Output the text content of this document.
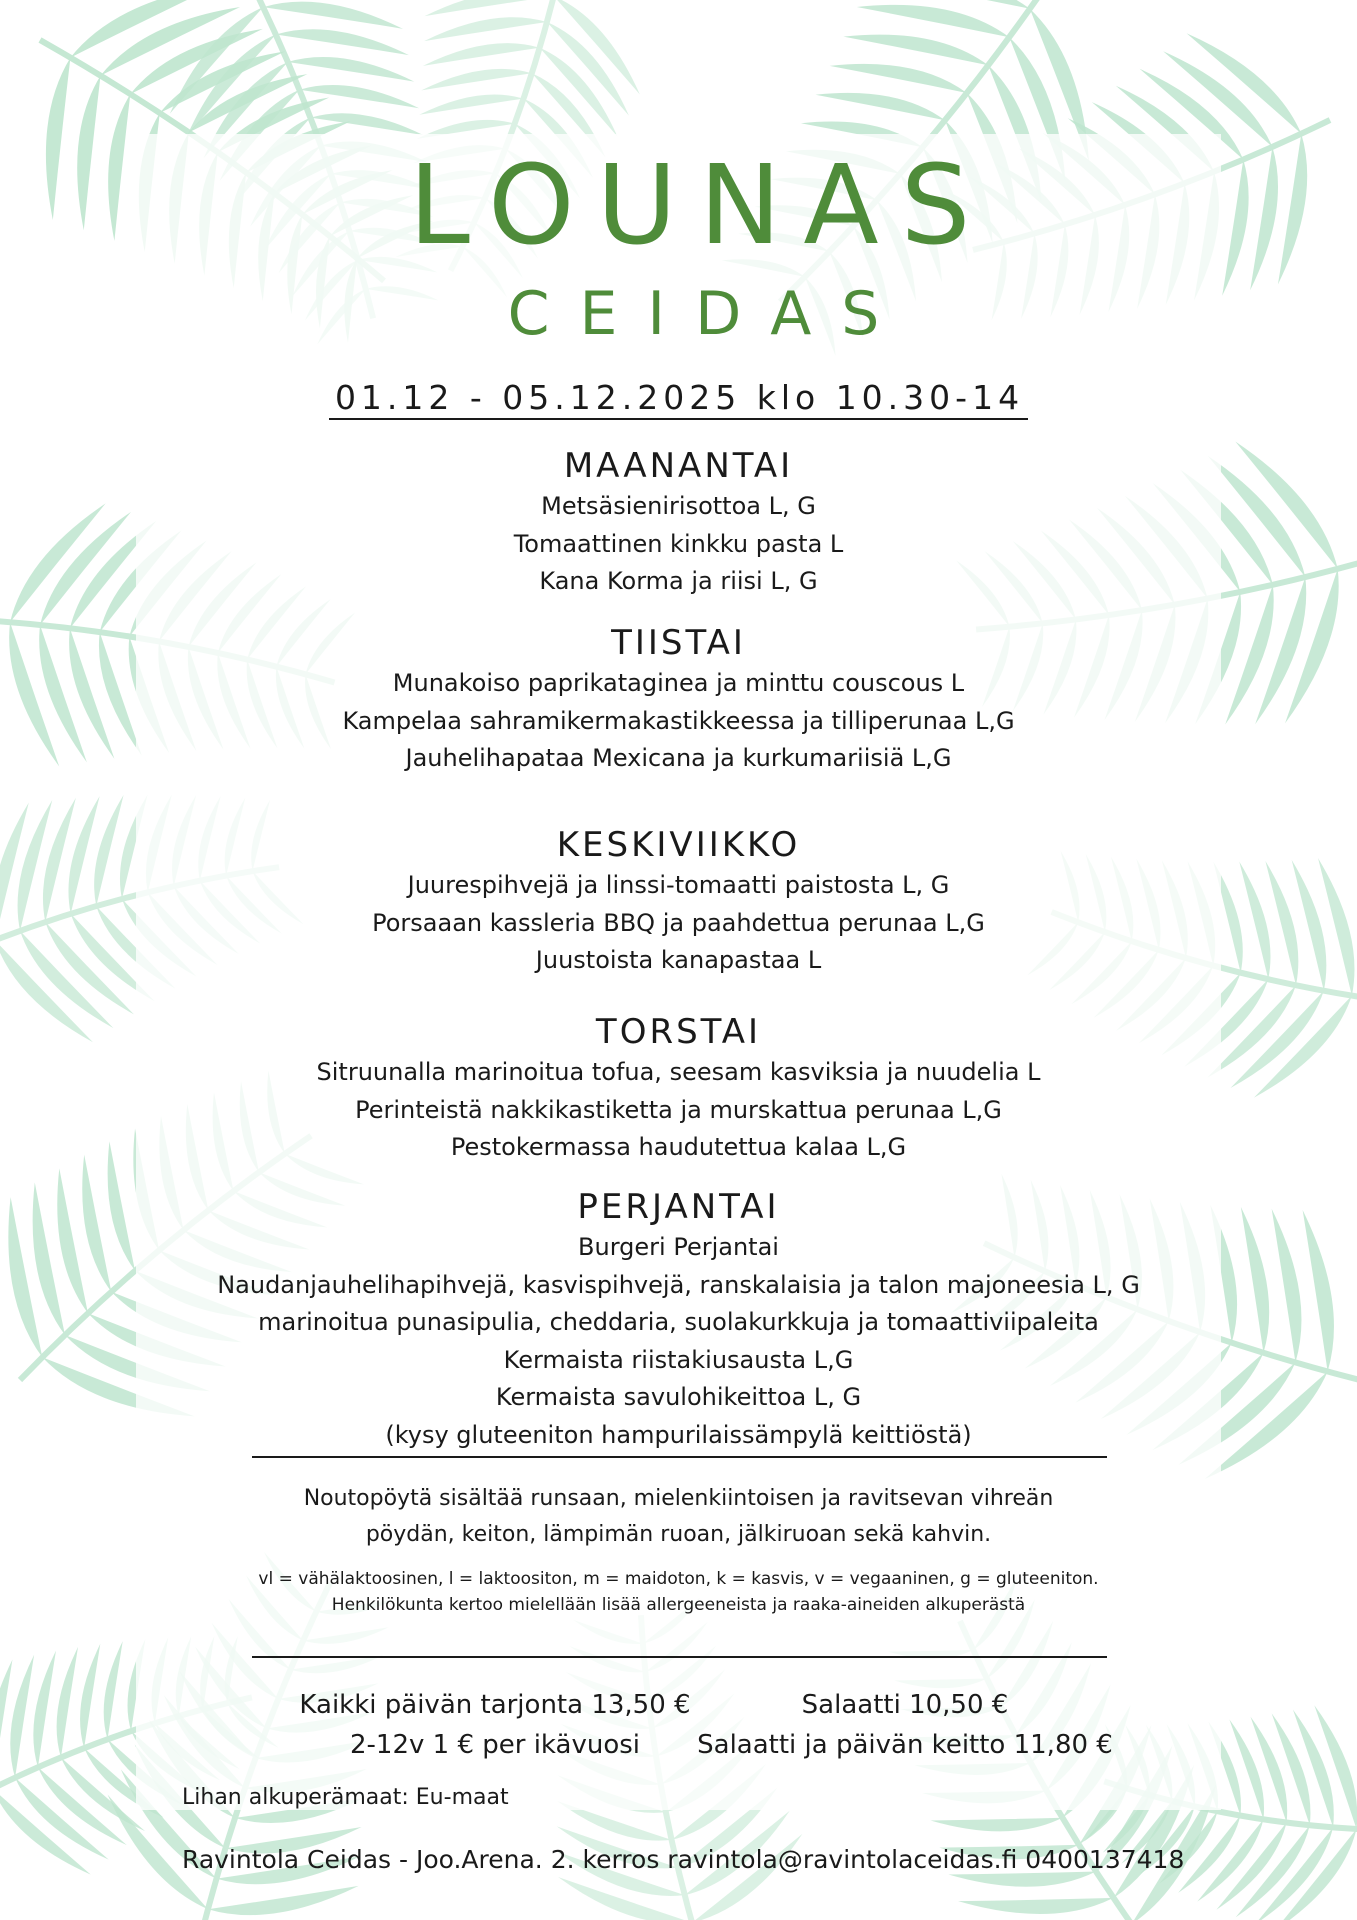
LOUNAS
CEIDAS
01.12 - 05.12.2025 klo 10.30-14
MAANANTAI
Metsäsienirisottoa L, G
Tomaattinen kinkku pasta L
Kana Korma ja riisi L, G
TIISTAI
Munakoiso paprikataginea ja minttu couscous L
Kampelaa sahramikermakastikkeessa ja tilliperunaa L,G
Jauhelihapataa Mexicana ja kurkumariisiä L,G
KESKIVIIKKO
Juurespihvejä ja linssi-tomaatti paistosta L, G
Porsaaan kassleria BBQ ja paahdettua perunaa L,G
Juustoista kanapastaa L
TORSTAI
Sitruunalla marinoitua tofua, seesam kasviksia ja nuudelia L
Perinteistä nakkikastiketta ja murskattua perunaa L,G
Pestokermassa haudutettua kalaa L,G
PERJANTAI
Burgeri Perjantai
Naudanjauhelihapihvejä, kasvispihvejä, ranskalaisia ja talon majoneesia L, G
marinoitua punasipulia, cheddaria, suolakurkkuja ja tomaattiviipaleita
Kermaista riistakiusausta L,G
Kermaista savulohikeittoa L, G
(kysy gluteeniton hampurilaissämpylä keittiöstä)
Noutopöytä sisältää runsaan, mielenkiintoisen ja ravitsevan vihreän
pöydän, keiton, lämpimän ruoan, jälkiruoan sekä kahvin.
vl = vähälaktoosinen, l = laktoositon, m = maidoton, k = kasvis, v = vegaaninen, g = gluteeniton.
Henkilökunta kertoo mielellään lisää allergeeneista ja raaka-aineiden alkuperästä
Kaikki päivän tarjonta 13,50 €
2-12v 1 € per ikävuosi
Salaatti 10,50 €
Salaatti ja päivän keitto 11,80 €
Lihan alkuperämaat: Eu-maat
Ravintola Ceidas - Joo.Arena. 2. kerros ravintola@ravintolaceidas.fi 0400137418
